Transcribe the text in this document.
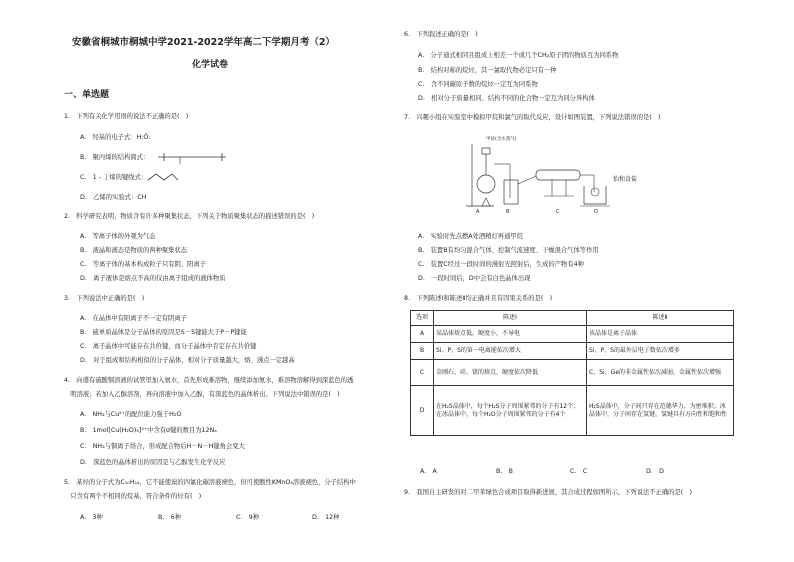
安徽省桐城市桐城中学2021-2022学年高二下学期月考（2）
化学试卷
一、单选题
1.　下列有关化学用语的说法不正确的是(　)
A.　羟基的电子式：H:Ö:
B.　聚丙烯的结构简式：
C.　1 - 丁烯的键线式：
D.　乙烯的实验式：CH
2.　科学研究表明，物质含有许多种聚集状态，下列关于物质聚集状态的描述错误的是(　)
A.　等离子体的外观为气态
B.　液晶和液态是物质的两种聚集状态
C.　等离子体的基本构成粒子只有阴、阳离子
D.　离子液体是熔点不高的仅由离子组成的液体物质
3.　下列说法中正确的是(　)
A.　在晶体中有阳离子不一定有阴离子
B.　硫单质晶体是分子晶体的原因是S－S键能大于P－P键能
C.　离子晶体中可能存在共价键，而分子晶体中肯定存在共价键
D.　对于组成和结构相似的分子晶体，相对分子质量越大，熔、沸点一定越高
4.　向盛有硫酸铜溶液的试管里加入氨水，首先形成难溶物，继续添加氨水，难溶物溶解得到深蓝色的透
　明溶液；若加入乙醇溶剂，再向溶液中加入乙醇，有深蓝色的晶体析出。下列说法中错误的是(　)
A.　NH₃与Cu²⁺的配位能力强于H₂O
B.　1mol[Cu(H₂O)₄]²⁺中含有σ键的数目为12Nₐ
C.　NH₃与铜离子络合，形成配合物后H－N－H键角会变大
D.　深蓝色的晶体析出的原因是与乙醇发生化学反应
5.　某烃的分子式为C₁₀H₁₄，它不能使溴的四氯化碳溶液褪色，但可使酸性KMnO₄溶液褪色，分子结构中
　只含有两个不相同的烷基，符合条件的烃有(　)
A.　3种	B.　6种	C.　9种	D.　12种
6.　下列叙述正确的是(　)
A.　分子通式相同且组成上相差一个或几个CH₂原子团的物质互为同系物
B.　结构对称的烷烃，其一氯取代物必定只有一种
C.　含不同碳原子数的烷烃一定互为同系物
D.　相对分子质量相同、结构不同的化合物一定互为同分异构体
7.　兴趣小组在实验室中模拟甲烷和氯气的取代反应，设计如图装置，下列说法错误的是(　)
甲烷(含水蒸气)
怡和食盐
A	B	C	D
A.　实验时先点燃A处酒精灯再通甲烷
B.　装置B有均匀混合气体、控制气流速度、干燥混合气体等作用
C.　装置C经过一段时间的漫射光照射后，生成的产物有4种
D.　一段时间后，D中会有白色晶体出现
8.　下列陈述Ⅰ和陈述Ⅱ均正确并且有因果关系的是(　)
选项	陈述Ⅰ	陈述Ⅱ
A	某晶体熔点低，硬度小，不导电	该晶体是离子晶体
B	Si、P、S的第一电离能依次增大	Si、P、S的最外层电子数依次增多
C	金刚石、硅、锗的熔点、硬度依次降低	C、Si、Ge的非金属性依次减弱，金属性依次增强
D	在H₂S晶体中，每个H₂S分子周围紧邻的分子有12个；在冰晶体中，每个H₂O分子周围紧邻的分子有4个	H₂S晶体中，分子间只存在范德华力，为密堆积；冰晶体中，分子间存在氢键，氢键具有方向性和饱和性
A.　A	B.　B	C.　C	D.　D
9.　我国自主研发的对二甲苯绿色合成项目取得新进展，其合成过程如图所示，下列说法不正确的是(　)
